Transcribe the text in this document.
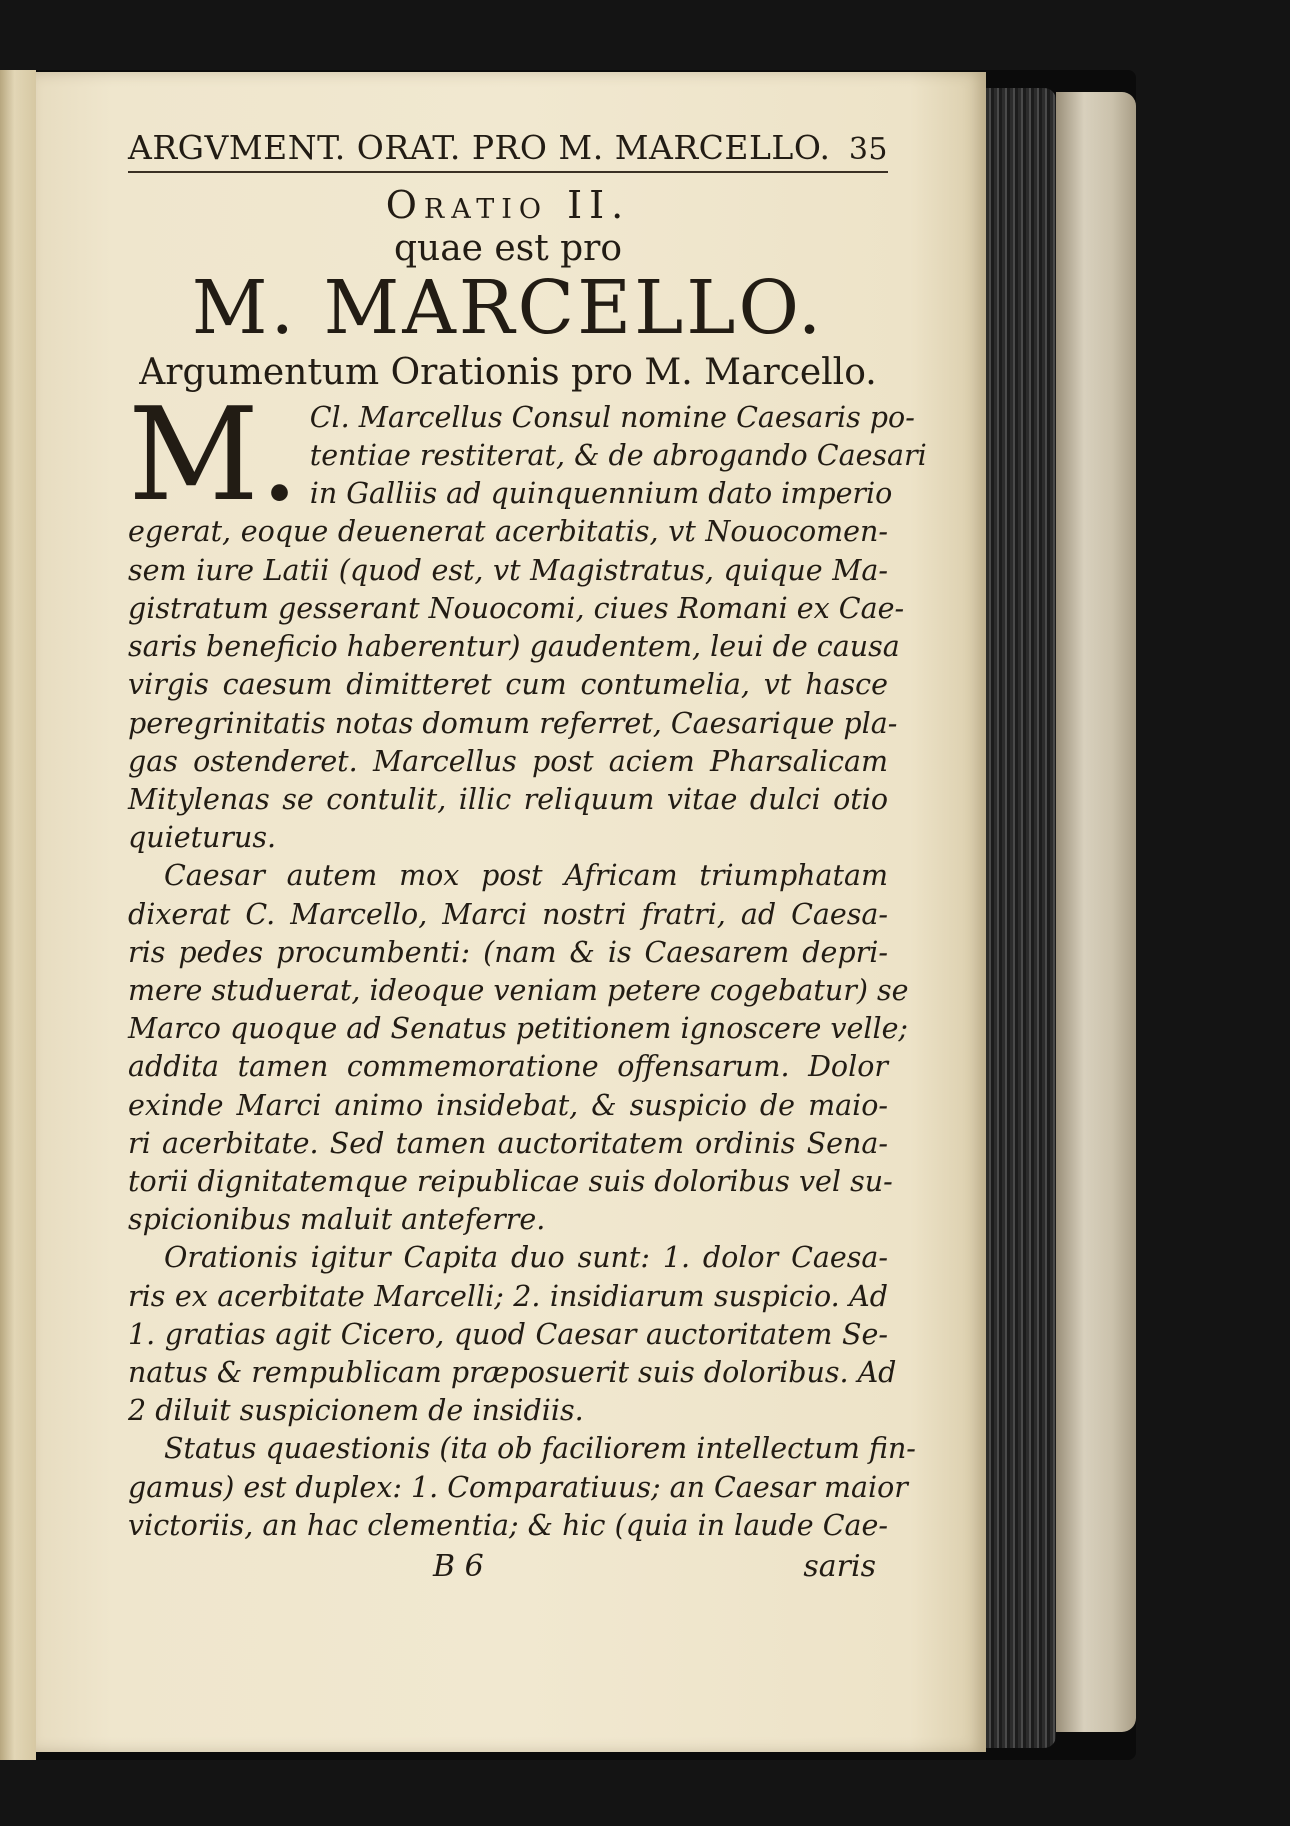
ARGVMENT. ORAT. PRO M. MARCELLO. 35

Oratio II.

quae est pro

M. MARCELLO.

Argumentum Orationis pro M. Marcello.

M. Cl. Marcellus Consul nomine Caesaris po-
tentiae restiterat, & de abrogando Caesari
in Galliis ad quinquennium dato imperio
egerat, eoque deuenerat acerbitatis, vt Nouocomen-
sem iure Latii (quod est, vt Magistratus, quique Ma-
gistratum gesserant Nouocomi, ciues Romani ex Cae-
saris beneficio haberentur) gaudentem, leui de causa
virgis caesum dimitteret cum contumelia, vt hasce
peregrinitatis notas domum referret, Caesarique pla-
gas ostenderet. Marcellus post aciem Pharsalicam
Mitylenas se contulit, illic reliquum vitae dulci otio
quieturus.
Caesar autem mox post Africam triumphatam
dixerat C. Marcello, Marci nostri fratri, ad Caesa-
ris pedes procumbenti: (nam & is Caesarem depri-
mere studuerat, ideoque veniam petere cogebatur) se
Marco quoque ad Senatus petitionem ignoscere velle;
addita tamen commemoratione offensarum. Dolor
exinde Marci animo insidebat, & suspicio de maio-
ri acerbitate. Sed tamen auctoritatem ordinis Sena-
torii dignitatemque reipublicae suis doloribus vel su-
spicionibus maluit anteferre.
Orationis igitur Capita duo sunt: 1. dolor Caesa-
ris ex acerbitate Marcelli; 2. insidiarum suspicio. Ad
1. gratias agit Cicero, quod Caesar auctoritatem Se-
natus & rempublicam præposuerit suis doloribus. Ad
2 diluit suspicionem de insidiis.
Status quaestionis (ita ob faciliorem intellectum fin-
gamus) est duplex: 1. Comparatiuus; an Caesar maior
victoriis, an hac clementia; & hic (quia in laude Cae-
B 6	saris
